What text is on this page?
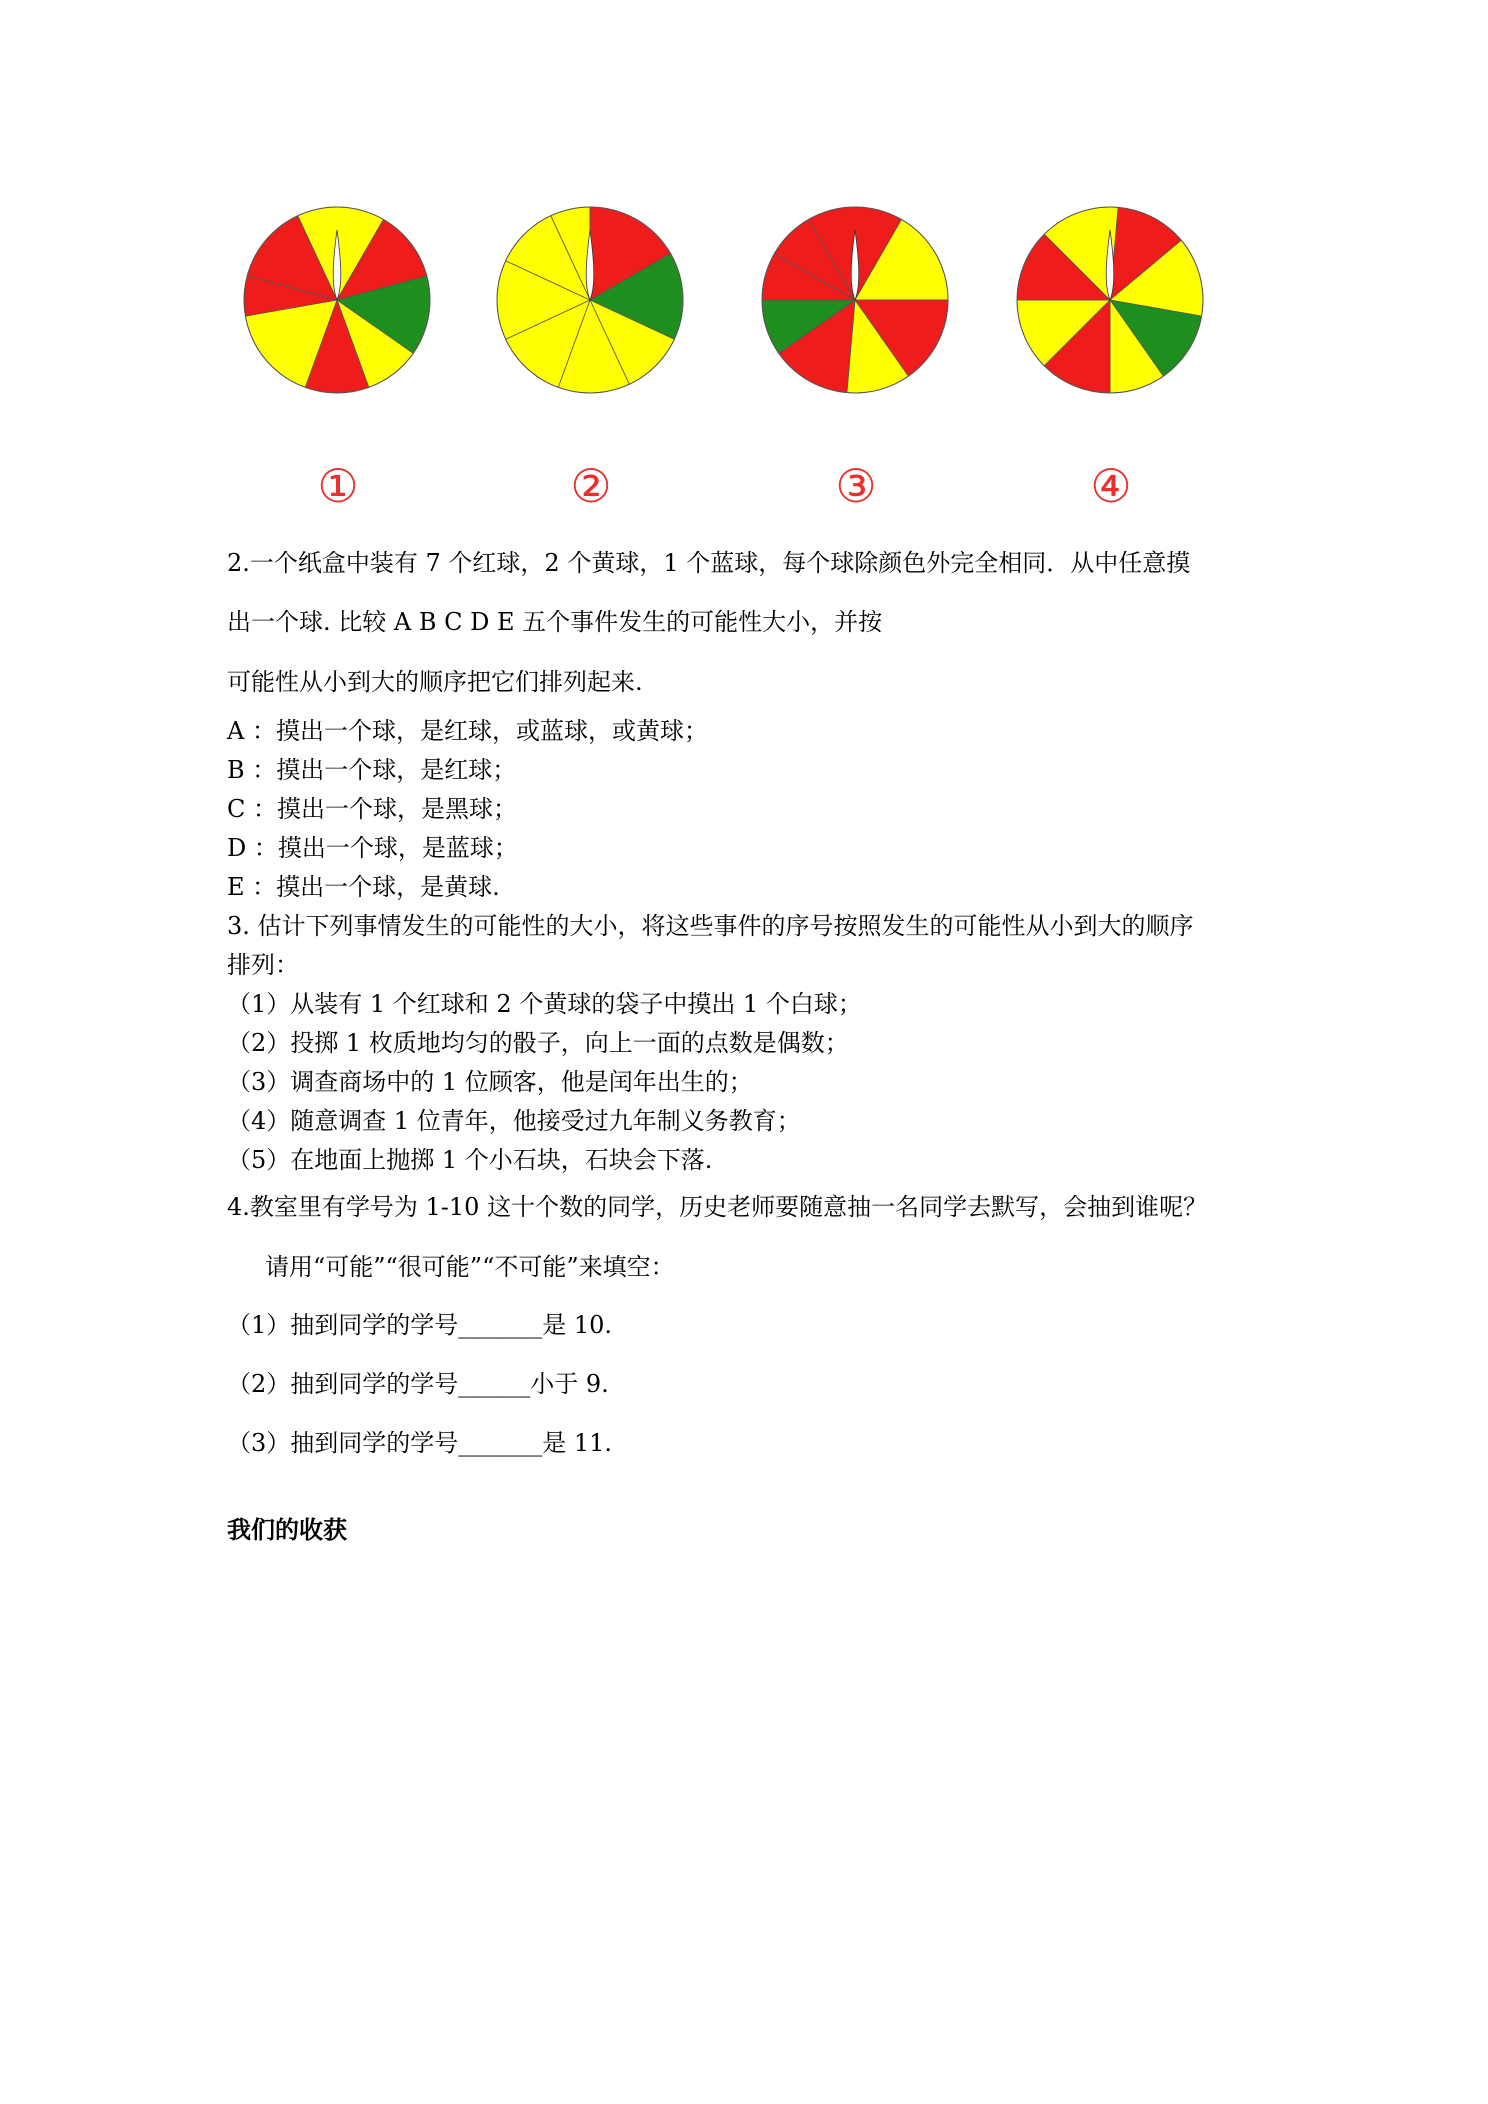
①	②	③	④
2.一个纸盒中装有 7 个红球，2 个黄球，1 个蓝球，每个球除颜色外完全相同．从中任意摸
出一个球. 比较 A B C D E 五个事件发生的可能性大小，并按
可能性从小到大的顺序把它们排列起来.
A ：摸出一个球，是红球，或蓝球，或黄球；
B ：摸出一个球，是红球；
C ：摸出一个球，是黑球；
D ：摸出一个球，是蓝球；
E ：摸出一个球，是黄球.
3. 估计下列事情发生的可能性的大小，将这些事件的序号按照发生的可能性从小到大的顺序
排列：
（1）从装有 1 个红球和 2 个黄球的袋子中摸出 1 个白球；
（2）投掷 1 枚质地均匀的骰子，向上一面的点数是偶数；
（3）调查商场中的 1 位顾客，他是闰年出生的；
（4）随意调查 1 位青年，他接受过九年制义务教育；
（5）在地面上抛掷 1 个小石块，石块会下落.
4.教室里有学号为 1-10 这十个数的同学，历史老师要随意抽一名同学去默写，会抽到谁呢？
请用“可能”“很可能”“不可能”来填空：
（1）抽到同学的学号_______是 10.
（2）抽到同学的学号______小于 9.
（3）抽到同学的学号_______是 11.
我们的收获
